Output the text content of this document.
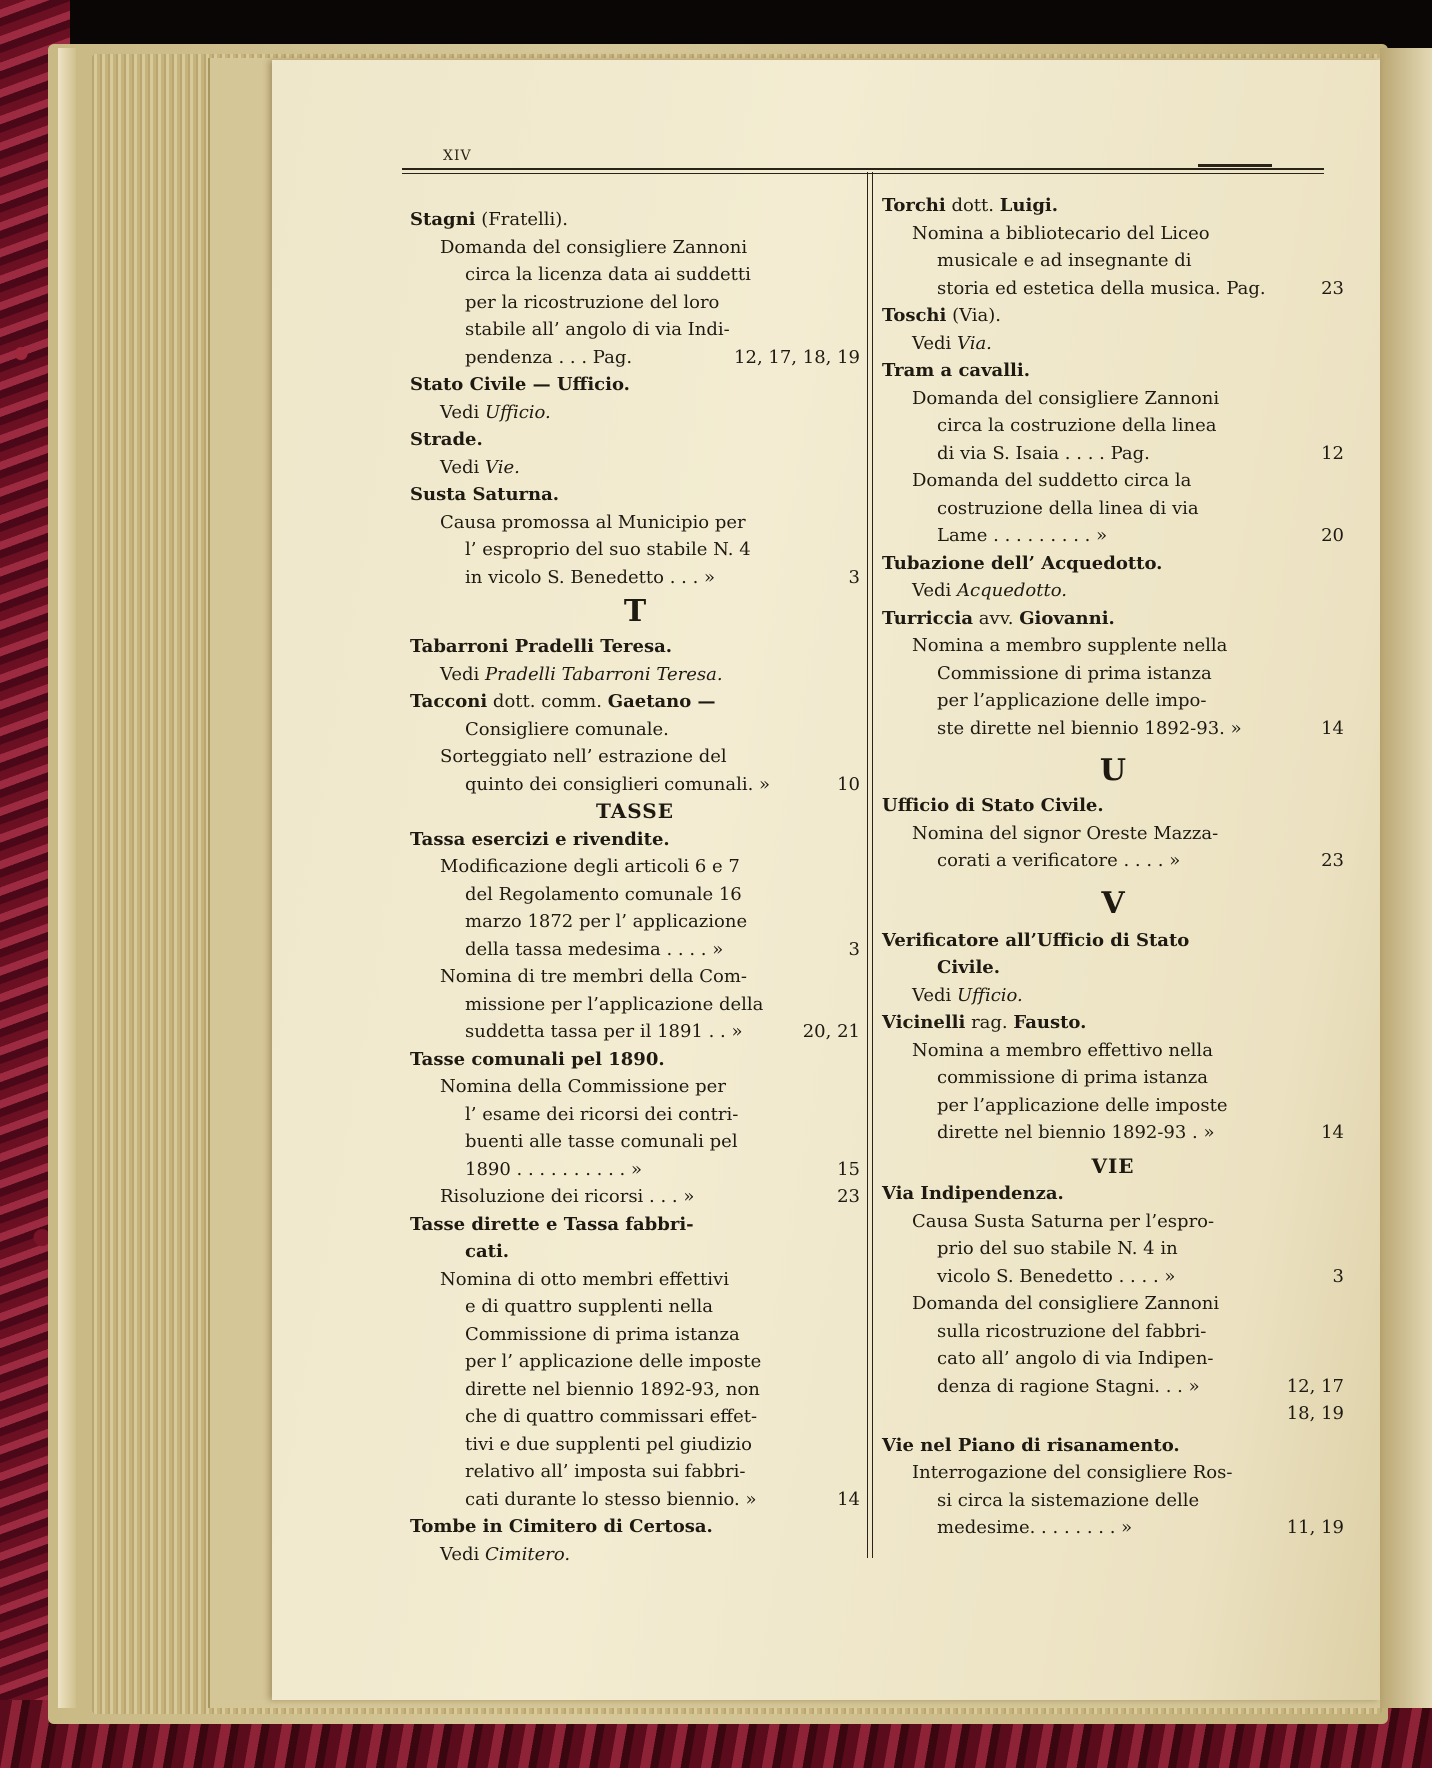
XIV
Stagni (Fratelli).
Domanda del consigliere Zannoni
circa la licenza data ai suddetti
per la ricostruzione del loro
stabile all’ angolo di via Indi-
pendenza . . . Pag.	12, 17, 18, 19
Stato Civile — Ufficio.
Vedi Ufficio.
Strade.
Vedi Vie.
Susta Saturna.
Causa promossa al Municipio per
l’ esproprio del suo stabile N. 4
in vicolo S. Benedetto . . . »	3
T
Tabarroni Pradelli Teresa.
Vedi Pradelli Tabarroni Teresa.
Tacconi dott. comm. Gaetano —
Consigliere comunale.
Sorteggiato nell’ estrazione del
quinto dei consiglieri comunali. »	10
TASSE
Tassa esercizi e rivendite.
Modificazione degli articoli 6 e 7
del Regolamento comunale 16
marzo 1872 per l’ applicazione
della tassa medesima . . . . »	3
Nomina di tre membri della Com-
missione per l’applicazione della
suddetta tassa per il 1891 . . »	20, 21
Tasse comunali pel 1890.
Nomina della Commissione per
l’ esame dei ricorsi dei contri-
buenti alle tasse comunali pel
1890 . . . . . . . . . . »	15
Risoluzione dei ricorsi . . . »	23
Tasse dirette e Tassa fabbri-
cati.
Nomina di otto membri effettivi
e di quattro supplenti nella
Commissione di prima istanza
per l’ applicazione delle imposte
dirette nel biennio 1892-93, non
che di quattro commissari effet-
tivi e due supplenti pel giudizio
relativo all’ imposta sui fabbri-
cati durante lo stesso biennio. »	14
Tombe in Cimitero di Certosa.
Vedi Cimitero.
Torchi dott. Luigi.
Nomina a bibliotecario del Liceo
musicale e ad insegnante di
storia ed estetica della musica. Pag.	23
Toschi (Via).
Vedi Via.
Tram a cavalli.
Domanda del consigliere Zannoni
circa la costruzione della linea
di via S. Isaia . . . . Pag.	12
Domanda del suddetto circa la
costruzione della linea di via
Lame . . . . . . . . . »	20
Tubazione dell’ Acquedotto.
Vedi Acquedotto.
Turriccia avv. Giovanni.
Nomina a membro supplente nella
Commissione di prima istanza
per l’applicazione delle impo-
ste dirette nel biennio 1892-93. »	14
U
Ufficio di Stato Civile.
Nomina del signor Oreste Mazza-
corati a verificatore . . . . »	23
V
Verificatore all’Ufficio di Stato
Civile.
Vedi Ufficio.
Vicinelli rag. Fausto.
Nomina a membro effettivo nella
commissione di prima istanza
per l’applicazione delle imposte
dirette nel biennio 1892-93 . »	14
VIE
Via Indipendenza.
Causa Susta Saturna per l’espro-
prio del suo stabile N. 4 in
vicolo S. Benedetto . . . . »	3
Domanda del consigliere Zannoni
sulla ricostruzione del fabbri-
cato all’ angolo di via Indipen-
denza di ragione Stagni. . . »	12, 17
18, 19
Vie nel Piano di risanamento.
Interrogazione del consigliere Ros-
si circa la sistemazione delle
medesime. . . . . . . . »	11, 19
